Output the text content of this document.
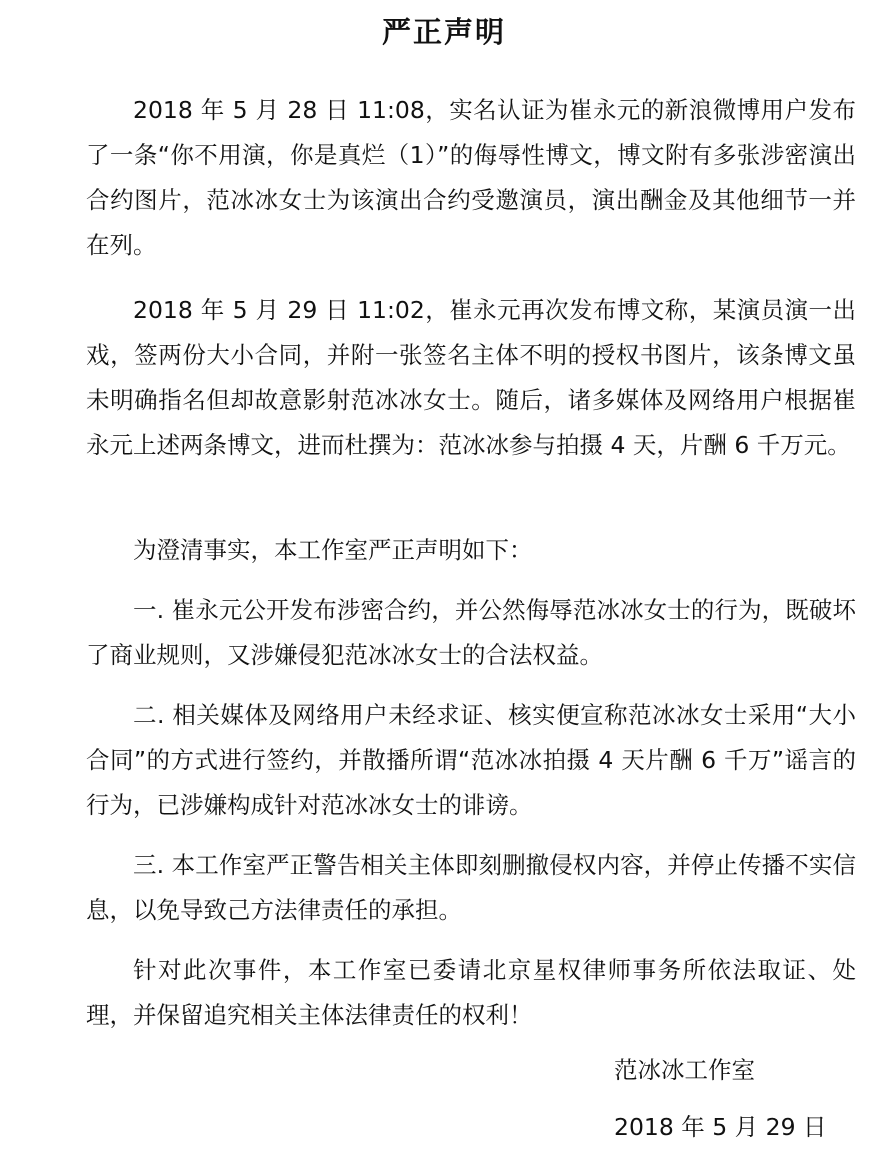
严正声明

2018 年 5 月 28 日 11:08，实名认证为崔永元的新浪微博用户发布了一条“你不用演，你是真烂（1）”的侮辱性博文，博文附有多张涉密演出合约图片，范冰冰女士为该演出合约受邀演员，演出酬金及其他细节一并在列。

2018 年 5 月 29 日 11:02，崔永元再次发布博文称，某演员演一出戏，签两份大小合同，并附一张签名主体不明的授权书图片，该条博文虽未明确指名但却故意影射范冰冰女士。随后，诸多媒体及网络用户根据崔永元上述两条博文，进而杜撰为：范冰冰参与拍摄 4 天，片酬 6 千万元。

为澄清事实，本工作室严正声明如下：

一. 崔永元公开发布涉密合约，并公然侮辱范冰冰女士的行为，既破坏了商业规则，又涉嫌侵犯范冰冰女士的合法权益。

二. 相关媒体及网络用户未经求证、核实便宣称范冰冰女士采用“大小合同”的方式进行签约，并散播所谓“范冰冰拍摄 4 天片酬 6 千万”谣言的行为，已涉嫌构成针对范冰冰女士的诽谤。

三. 本工作室严正警告相关主体即刻删撤侵权内容，并停止传播不实信息，以免导致己方法律责任的承担。

针对此次事件，本工作室已委请北京星权律师事务所依法取证、处理，并保留追究相关主体法律责任的权利！

范冰冰工作室

2018 年 5 月 29 日
